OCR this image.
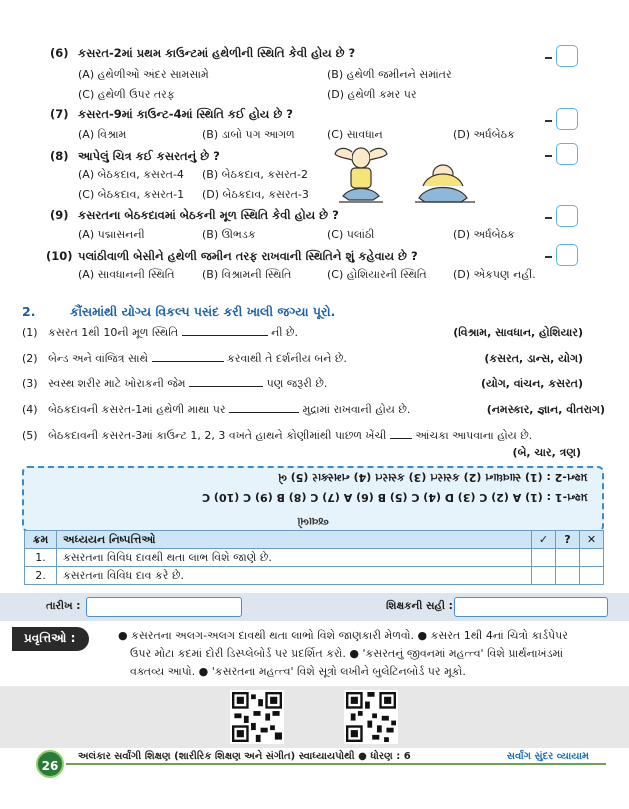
(6) કસરત-2માં પ્રથમ કાઉન્ટમાં હથેળીની સ્થિતિ કેવી હોય છે ?
(A) હથેળીઓ અંદર સામસામે	(B) હથેળી જમીનને સમાંતર
(C) હથેળી ઉપર તરફ	(D) હથેળી કમર પર
(7) કસરત-9માં કાઉન્ટ-4માં સ્થિતિ કઈ હોય છે ?
(A) વિશ્રામ	(B) ડાબો પગ આગળ	(C) સાવધાન	(D) અર્ધબેઠક
(8) આપેલું ચિત્ર કઈ કસરતનું છે ?
(A) બેઠકદાવ, કસરત-4 (B) બેઠકદાવ, કસરત-2
(C) બેઠકદાવ, કસરત-1 (D) બેઠકદાવ, કસરત-3
(9) કસરતના બેઠકદાવમાં બેઠકની મૂળ સ્થિતિ કેવી હોય છે ?
(A) પદ્માસનની	(B) ઊભડક	(C) પલાંઠી	(D) અર્ધબેઠક
(10) પલાંઠીવાળી બેસીને હથેળી જમીન તરફ રાખવાની સ્થિતિને શું કહેવાય છે ?
(A) સાવધાનની સ્થિતિ (B) વિશ્રામની સ્થિતિ	(C) હોશિયારની સ્થિતિ (D) એકપણ નહીં.
2.	કૌંસમાંથી યોગ્ય વિકલ્પ પસંદ કરી ખાલી જગ્યા પૂરો.
(1) કસરત 1થી 10ની મૂળ સ્થિતિ	ની છે.	(વિશ્રામ, સાવધાન, હોશિયાર)
(2) બેન્ડ અને વાંજિત્ર સાથે	કરવાથી તે દર્શનીય બને છે.	(કસરત, ડાન્સ, યોગ)
(3) સ્વસ્થ શરીર માટે ખોરાકની જેમ	પણ જરૂરી છે.	(યોગ, વાંચન, કસરત)
(4) બેઠકદાવની કસરત-1માં હથેળી માથા પર	મુદ્રામાં રાખવાની હોય છે.	(નમસ્કાર, જ્ઞાન, વીતરાગ)
(5) બેઠકદાવની કસરત-3માં કાઉન્ટ 1, 2, 3 વખતે હાથને કોણીમાંથી પાછળ ખેંચી	આંચકા આપવાના હોય છે.
(બે, ચાર, ત્રણ)
પ્રશ્ન-2 : (1) સાવધાન (2) કસરત (3) કસરત (4) નમસ્કાર (5) બે
પ્રશ્ન-1 : (1) A (2) C (3) D (4) C (5) B (6) A (7) C (8) B (9) C (10) C
જવાબો
ક્રમ	અધ્યયન નિષ્પત્તિઓ	✓	?	✕
1.	કસરતના વિવિધ દાવથી થતા લાભ વિશે જાણે છે.			
2.	કસરતના વિવિધ દાવ કરે છે.			
તારીખ :	શિક્ષકની સહી :
પ્રવૃત્તિઓ :	● કસરતના અલગ-અલગ દાવથી થતા લાભો વિશે જાણકારી મેળવો. ● કસરત 1થી 4નાં ચિત્રો કાર્ડપેપર
ઉપર મોટા કદમાં દોરી ડિસ્પ્લેબોર્ડ પર પ્રદર્શિત કરો. ● 'કસરતનું જીવનમાં મહત્ત્વ' વિશે પ્રાર્થનાખંડમાં
વક્તવ્ય આપો. ● 'કસરતના મહત્ત્વ' વિશે સૂત્રો લખીને બુલેટિનબોર્ડ પર મૂકો.
26
અલંકાર સર્વાંગી શિક્ષણ (શારીરિક શિક્ષણ અને સંગીત) સ્વાધ્યાયપોથી ● ધોરણ : 6	સર્વાંગ સુંદર વ્યાયામ
